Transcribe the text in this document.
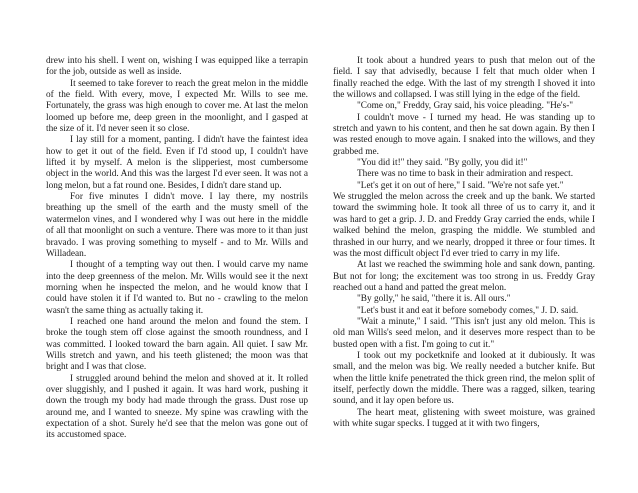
drew into his shell. I went on, wishing I was equipped like a terrapin for the job, outside as well as inside.

It seemed to take forever to reach the great melon in the middle of the field. With every, move, I expected Mr. Wills to see me. Fortunately, the grass was high enough to cover me. At last the melon loomed up before me, deep green in the moonlight, and I gasped at the size of it. I'd never seen it so close.

I lay still for a moment, panting. I didn't have the faintest idea how to get it out of the field. Even if I'd stood up, I couldn't have lifted it by myself. A melon is the slipperiest, most cumbersome object in the world. And this was the largest I'd ever seen. It was not a long melon, but a fat round one. Besides, I didn't dare stand up.

For five minutes I didn't move. I lay there, my nostrils breathing up the smell of the earth and the musty smell of the watermelon vines, and I wondered why I was out here in the middle of all that moonlight on such a venture. There was more to it than just bravado. I was proving something to myself - and to Mr. Wills and Willadean.

I thought of a tempting way out then. I would carve my name into the deep greenness of the melon. Mr. Wills would see it the next morning when he inspected the melon, and he would know that I could have stolen it if I'd wanted to. But no - crawling to the melon wasn't the same thing as actually taking it.

I reached one hand around the melon and found the stem. I broke the tough stem off close against the smooth roundness, and I was committed. I looked toward the barn again. All quiet. I saw Mr. Wills stretch and yawn, and his teeth glistened; the moon was that bright and I was that close.

I struggled around behind the melon and shoved at it. It rolled over sluggishly, and I pushed it again. It was hard work, pushing it down the trough my body had made through the grass. Dust rose up around me, and I wanted to sneeze. My spine was crawling with the expectation of a shot. Surely he'd see that the melon was gone out of its accustomed space.

It took about a hundred years to push that melon out of the field. I say that advisedly, because I felt that much older when I finally reached the edge. With the last of my strength I shoved it into the willows and collapsed. I was still lying in the edge of the field.

"Come on," Freddy, Gray said, his voice pleading. "He's-"

I couldn't move - I turned my head. He was standing up to stretch and yawn to his content, and then he sat down again. By then I was rested enough to move again. I snaked into the willows, and they grabbed me.

"You did it!" they said. "By golly, you did it!"

There was no time to bask in their admiration and respect.

"Let's get it on out of here," I said. "We're not safe yet."

We struggled the melon across the creek and up the bank. We started toward the swimming hole. It took all three of us to carry it, and it was hard to get a grip. J. D. and Freddy Gray carried the ends, while I walked behind the melon, grasping the middle. We stumbled and thrashed in our hurry, and we nearly, dropped it three or four times. It was the most difficult object I'd ever tried to carry in my life.

At last we reached the swimming hole and sank down, panting. But not for long; the excitement was too strong in us. Freddy Gray reached out a hand and patted the great melon.

"By golly," he said, "there it is. All ours."

"Let's bust it and eat it before somebody comes," J. D. said.

"Wait a minute," I said. "This isn't just any old melon. This is old man Wills's seed melon, and it deserves more respect than to be busted open with a fist. I'm going to cut it."

I took out my pocketknife and looked at it dubiously. It was small, and the melon was big. We really needed a butcher knife. But when the little knife penetrated the thick green rind, the melon split of itself, perfectly down the middle. There was a ragged, silken, tearing sound, and it lay open before us.

The heart meat, glistening with sweet moisture, was grained with white sugar specks. I tugged at it with two fingers,
